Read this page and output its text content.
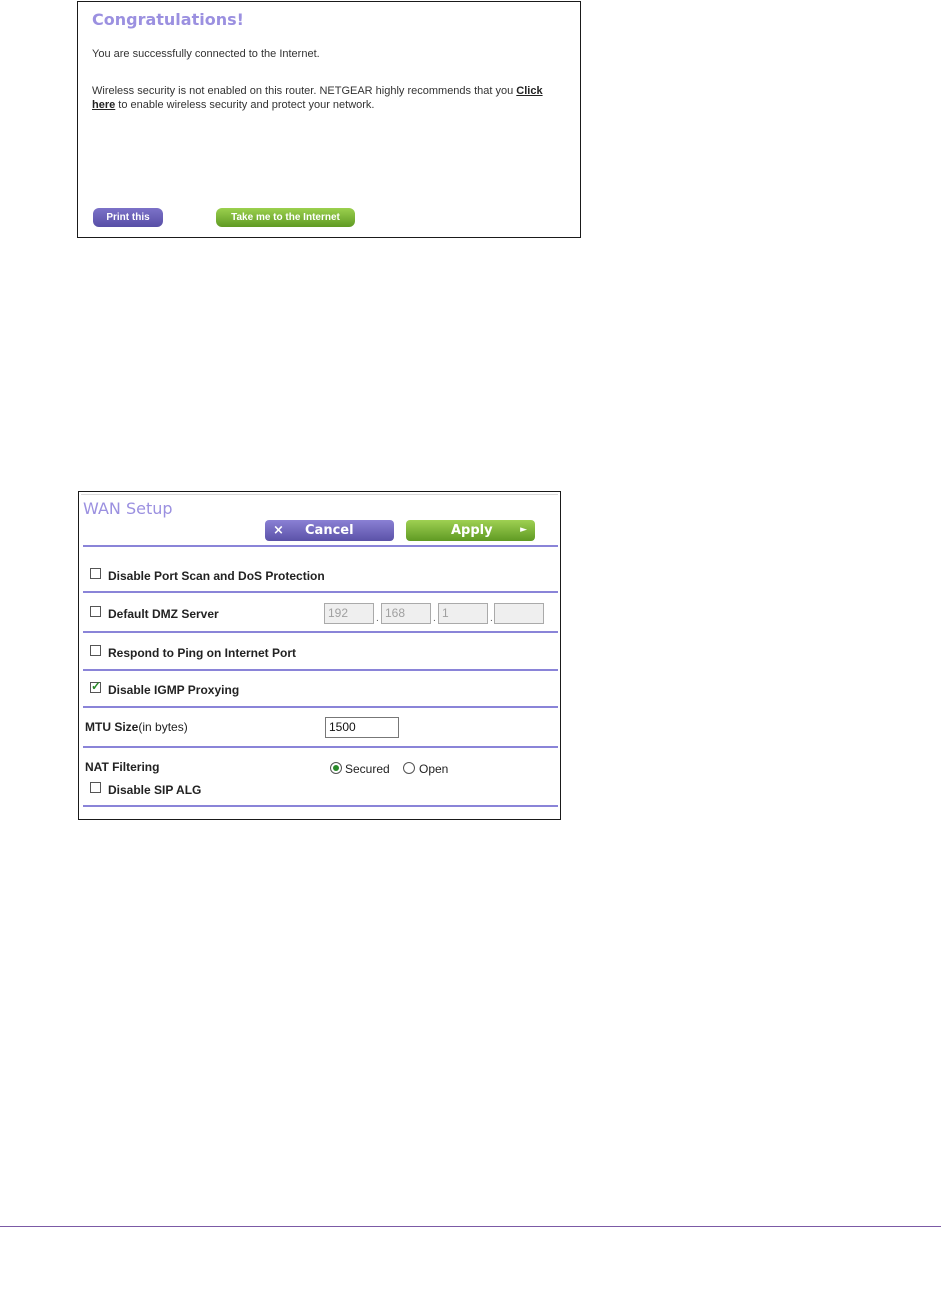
Congratulations!
You are successfully connected to the Internet.
Wireless security is not enabled on this router. NETGEAR highly recommends that you Click
here to enable wireless security and protect your network.
Print this	Take me to the Internet
WAN Setup
× Cancel	Apply	►
Disable Port Scan and DoS Protection
Default DMZ Server	192	. 168	. 1	.
Respond to Ping on Internet Port
✓ Disable IGMP Proxying
MTU Size(in bytes)	1500
NAT Filtering	Secured Open
Disable SIP ALG
